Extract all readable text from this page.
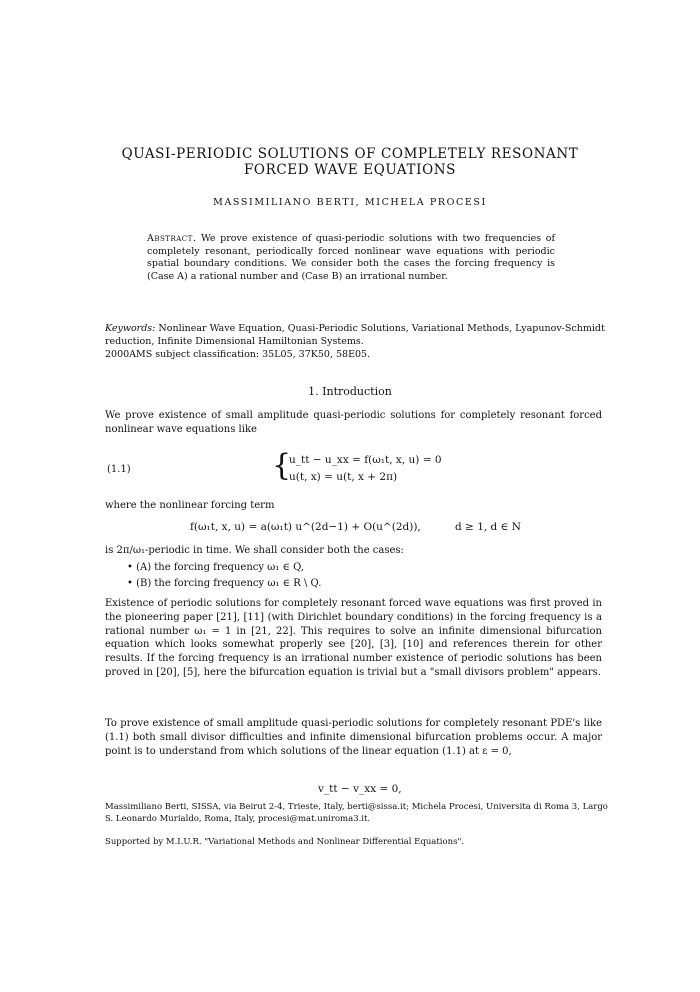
QUASI-PERIODIC SOLUTIONS OF COMPLETELY RESONANT
FORCED WAVE EQUATIONS
MASSIMILIANO BERTI, MICHELA PROCESI
Abstract. We prove existence of quasi-periodic solutions with two frequencies of completely resonant, periodically forced nonlinear wave equations with periodic spatial boundary conditions. We consider both the cases the forcing frequency is (Case A) a rational number and (Case B) an irrational number.
Keywords: Nonlinear Wave Equation, Quasi-Periodic Solutions, Variational Methods, Lyapunov-Schmidt reduction, Infinite Dimensional Hamiltonian Systems.
2000AMS subject classification: 35L05, 37K50, 58E05.
1. Introduction
We prove existence of small amplitude quasi-periodic solutions for completely resonant forced nonlinear wave equations like
(1.1)	{
u_tt − u_xx = f(ω₁t, x, u) = 0
u(t, x) = u(t, x + 2π)
where the nonlinear forcing term
f(ω₁t, x, u) = a(ω₁t) u^(2d−1) + O(u^(2d)),	d ≥ 1, d ∈ N
is 2π/ω₁-periodic in time. We shall consider both the cases:
• (A) the forcing frequency ω₁ ∈ Q,
• (B) the forcing frequency ω₁ ∈ R \ Q.
Existence of periodic solutions for completely resonant forced wave equations was first proved in the pioneering paper [21], [11] (with Dirichlet boundary conditions) in the forcing frequency is a rational number ω₁ = 1 in [21, 22]. This requires to solve an infinite dimensional bifurcation equation which looks somewhat properly see [20], [3], [10] and references therein for other results. If the forcing frequency is an irrational number existence of periodic solutions has been proved in [20], [5], here the bifurcation equation is trivial but a "small divisors problem" appears.
To prove existence of small amplitude quasi-periodic solutions for completely resonant PDE's like (1.1) both small divisor difficulties and infinite dimensional bifurcation problems occur. A major point is to understand from which solutions of the linear equation (1.1) at ε = 0,
v_tt − v_xx = 0,
Massimiliano Berti, SISSA, via Beirut 2-4, Trieste, Italy, berti@sissa.it; Michela Procesi, Universita di Roma 3, Largo S. Leonardo Murialdo, Roma, Italy, procesi@mat.uniroma3.it.
Supported by M.I.U.R. "Variational Methods and Nonlinear Differential Equations".
